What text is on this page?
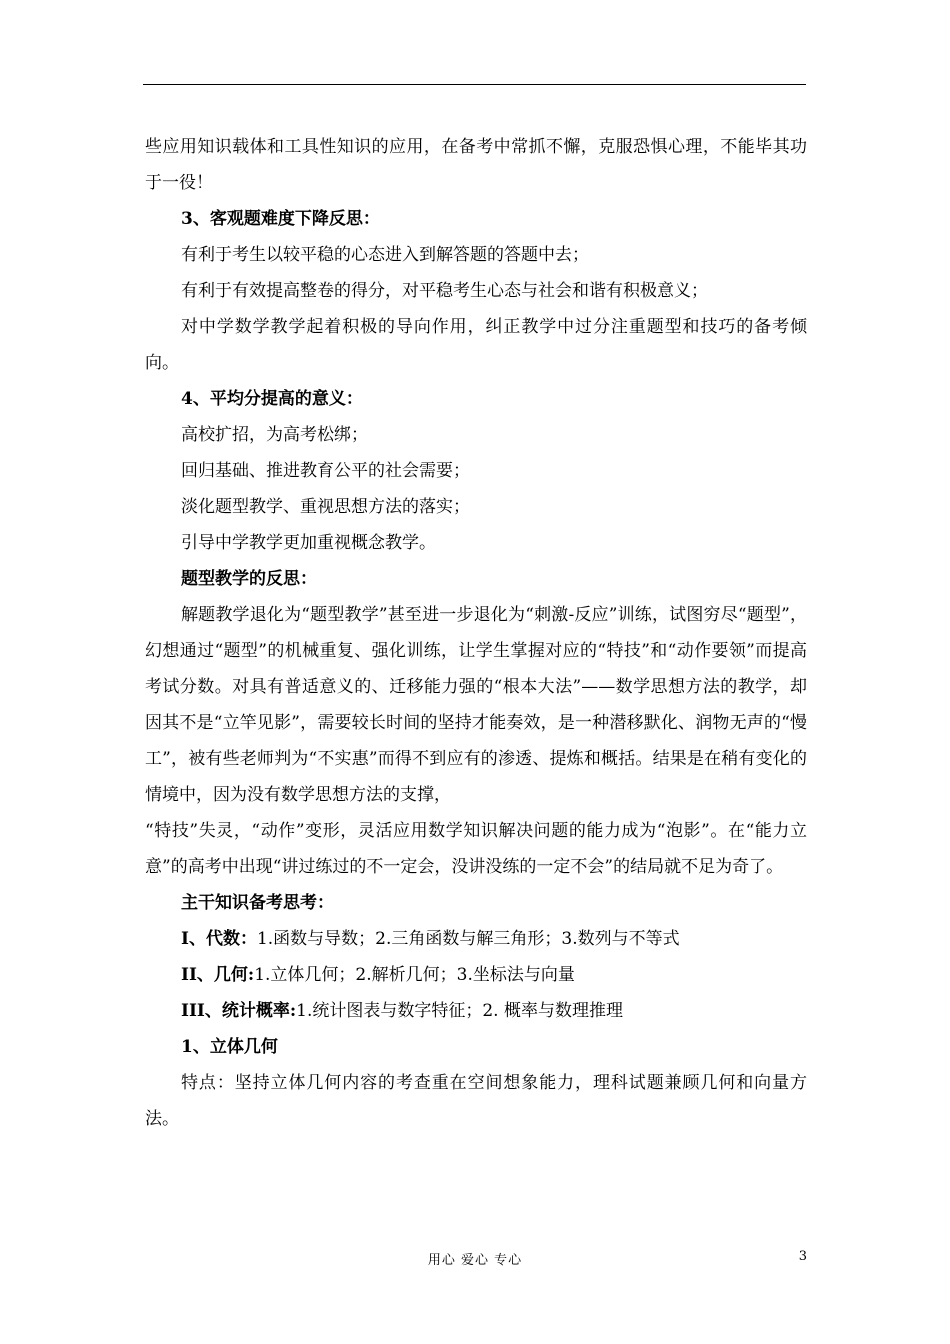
些应用知识载体和工具性知识的应用，在备考中常抓不懈，克服恐惧心理，不能毕其功于一役！

3、客观题难度下降反思：

有利于考生以较平稳的心态进入到解答题的答题中去；

有利于有效提高整卷的得分，对平稳考生心态与社会和谐有积极意义；

对中学数学教学起着积极的导向作用，纠正教学中过分注重题型和技巧的备考倾向。

4、平均分提高的意义：

高校扩招，为高考松绑；

回归基础、推进教育公平的社会需要；

淡化题型教学、重视思想方法的落实；

引导中学教学更加重视概念教学。

题型教学的反思：

解题教学退化为“题型教学”甚至进一步退化为“刺激-反应”训练，试图穷尽“题型”，幻想通过“题型”的机械重复、强化训练，让学生掌握对应的“特技”和“动作要领”而提高考试分数。对具有普适意义的、迁移能力强的“根本大法”——数学思想方法的教学，却因其不是“立竿见影”，需要较长时间的坚持才能奏效，是一种潜移默化、润物无声的“慢工”，被有些老师判为“不实惠”而得不到应有的渗透、提炼和概括。结果是在稍有变化的情境中，因为没有数学思想方法的支撑，

“特技”失灵，“动作”变形，灵活应用数学知识解决问题的能力成为“泡影”。在“能力立意”的高考中出现“讲过练过的不一定会，没讲没练的一定不会”的结局就不足为奇了。

主干知识备考思考：

I、代数：1.函数与导数；2.三角函数与解三角形；3.数列与不等式

II、几何:1.立体几何；2.解析几何；3.坐标法与向量

III、统计概率:1.统计图表与数字特征；2. 概率与数理推理

1、立体几何

特点：坚持立体几何内容的考查重在空间想象能力，理科试题兼顾几何和向量方法。

用心 爱心 专心	3
